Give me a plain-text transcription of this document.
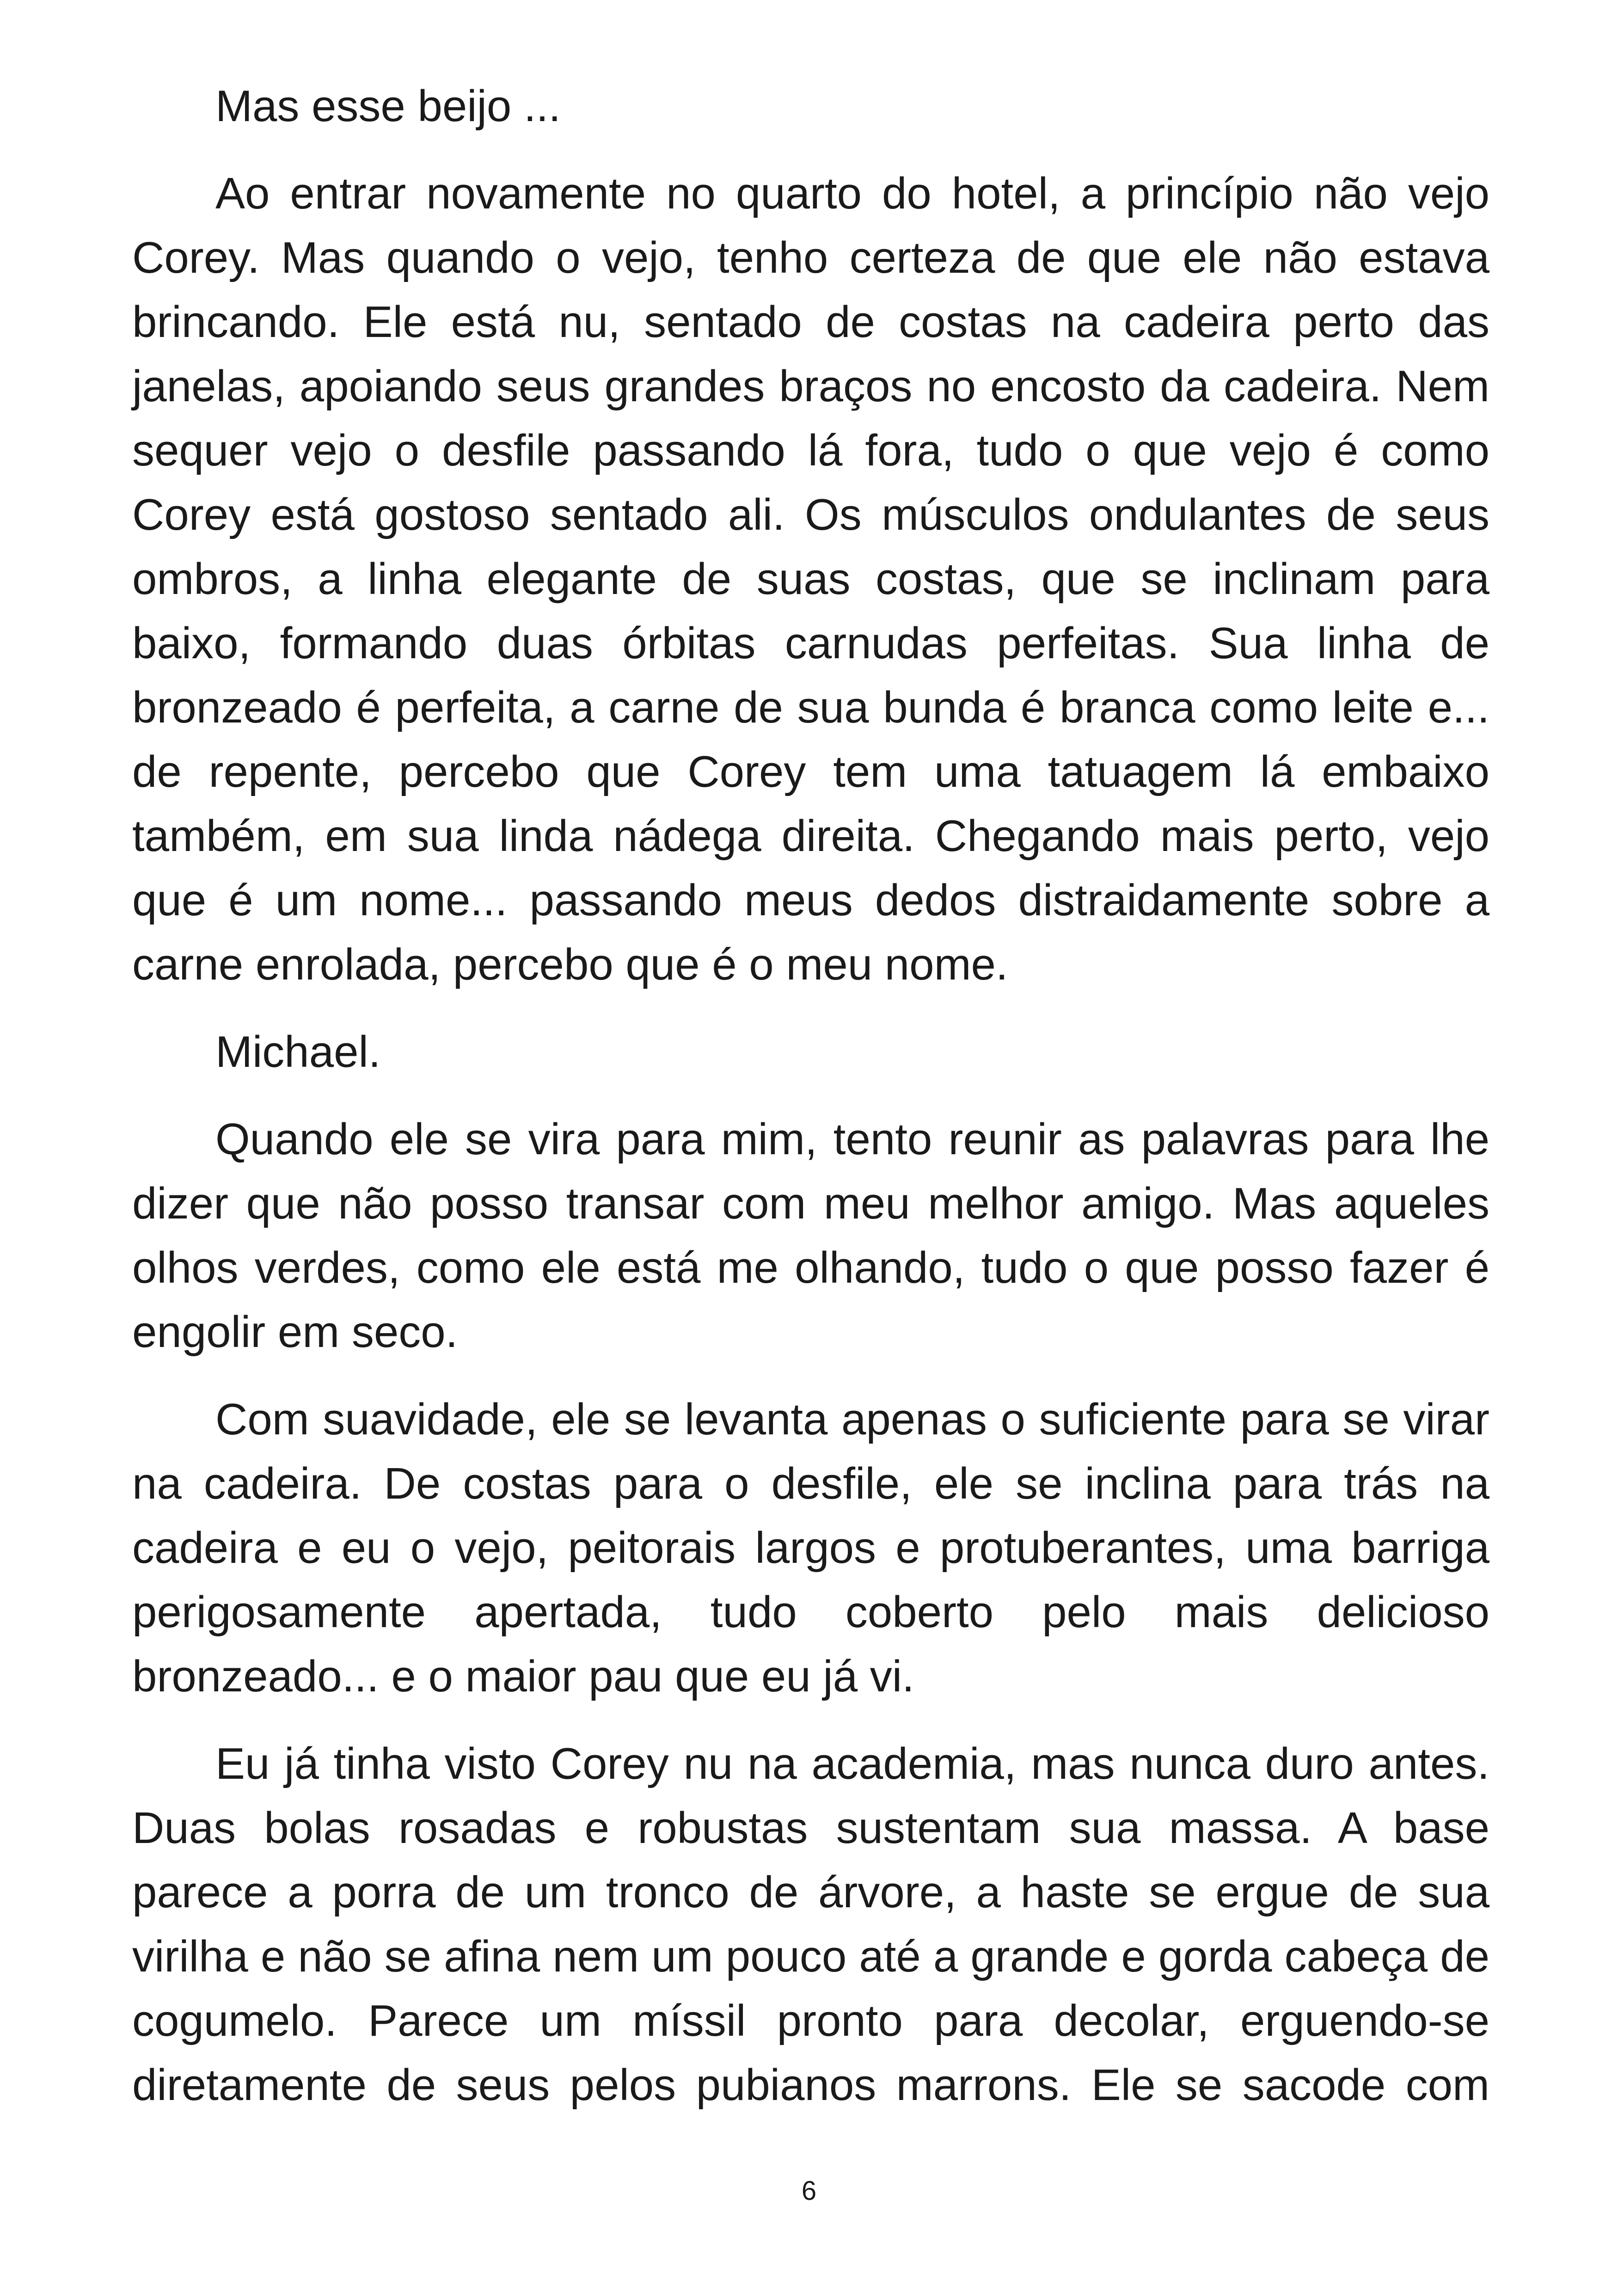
Mas esse beijo ...

Ao entrar novamente no quarto do hotel, a princípio não vejo Corey. Mas quando o vejo, tenho certeza de que ele não estava brincando. Ele está nu, sentado de costas na cadeira perto das janelas, apoiando seus grandes braços no encosto da cadeira. Nem sequer vejo o desfile passando lá fora, tudo o que vejo é como Corey está gostoso sentado ali. Os músculos ondulantes de seus ombros, a linha elegante de suas costas, que se inclinam para baixo, formando duas órbitas carnudas perfeitas. Sua linha de bronzeado é perfeita, a carne de sua bunda é branca como leite e... de repente, percebo que Corey tem uma tatuagem lá embaixo também, em sua linda nádega direita. Chegando mais perto, vejo que é um nome... passando meus dedos distraidamente sobre a carne enrolada, percebo que é o meu nome.

Michael.

Quando ele se vira para mim, tento reunir as palavras para lhe dizer que não posso transar com meu melhor amigo. Mas aqueles olhos verdes, como ele está me olhando, tudo o que posso fazer é engolir em seco.

Com suavidade, ele se levanta apenas o suficiente para se virar na cadeira. De costas para o desfile, ele se inclina para trás na cadeira e eu o vejo, peitorais largos e protuberantes, uma barriga perigosamente apertada, tudo coberto pelo mais delicioso bronzeado... e o maior pau que eu já vi.

Eu já tinha visto Corey nu na academia, mas nunca duro antes. Duas bolas rosadas e robustas sustentam sua massa. A base parece a porra de um tronco de árvore, a haste se ergue de sua virilha e não se afina nem um pouco até a grande e gorda cabeça de cogumelo. Parece um míssil pronto para decolar, erguendo-se diretamente de seus pelos pubianos marrons. Ele se sacode com

6
